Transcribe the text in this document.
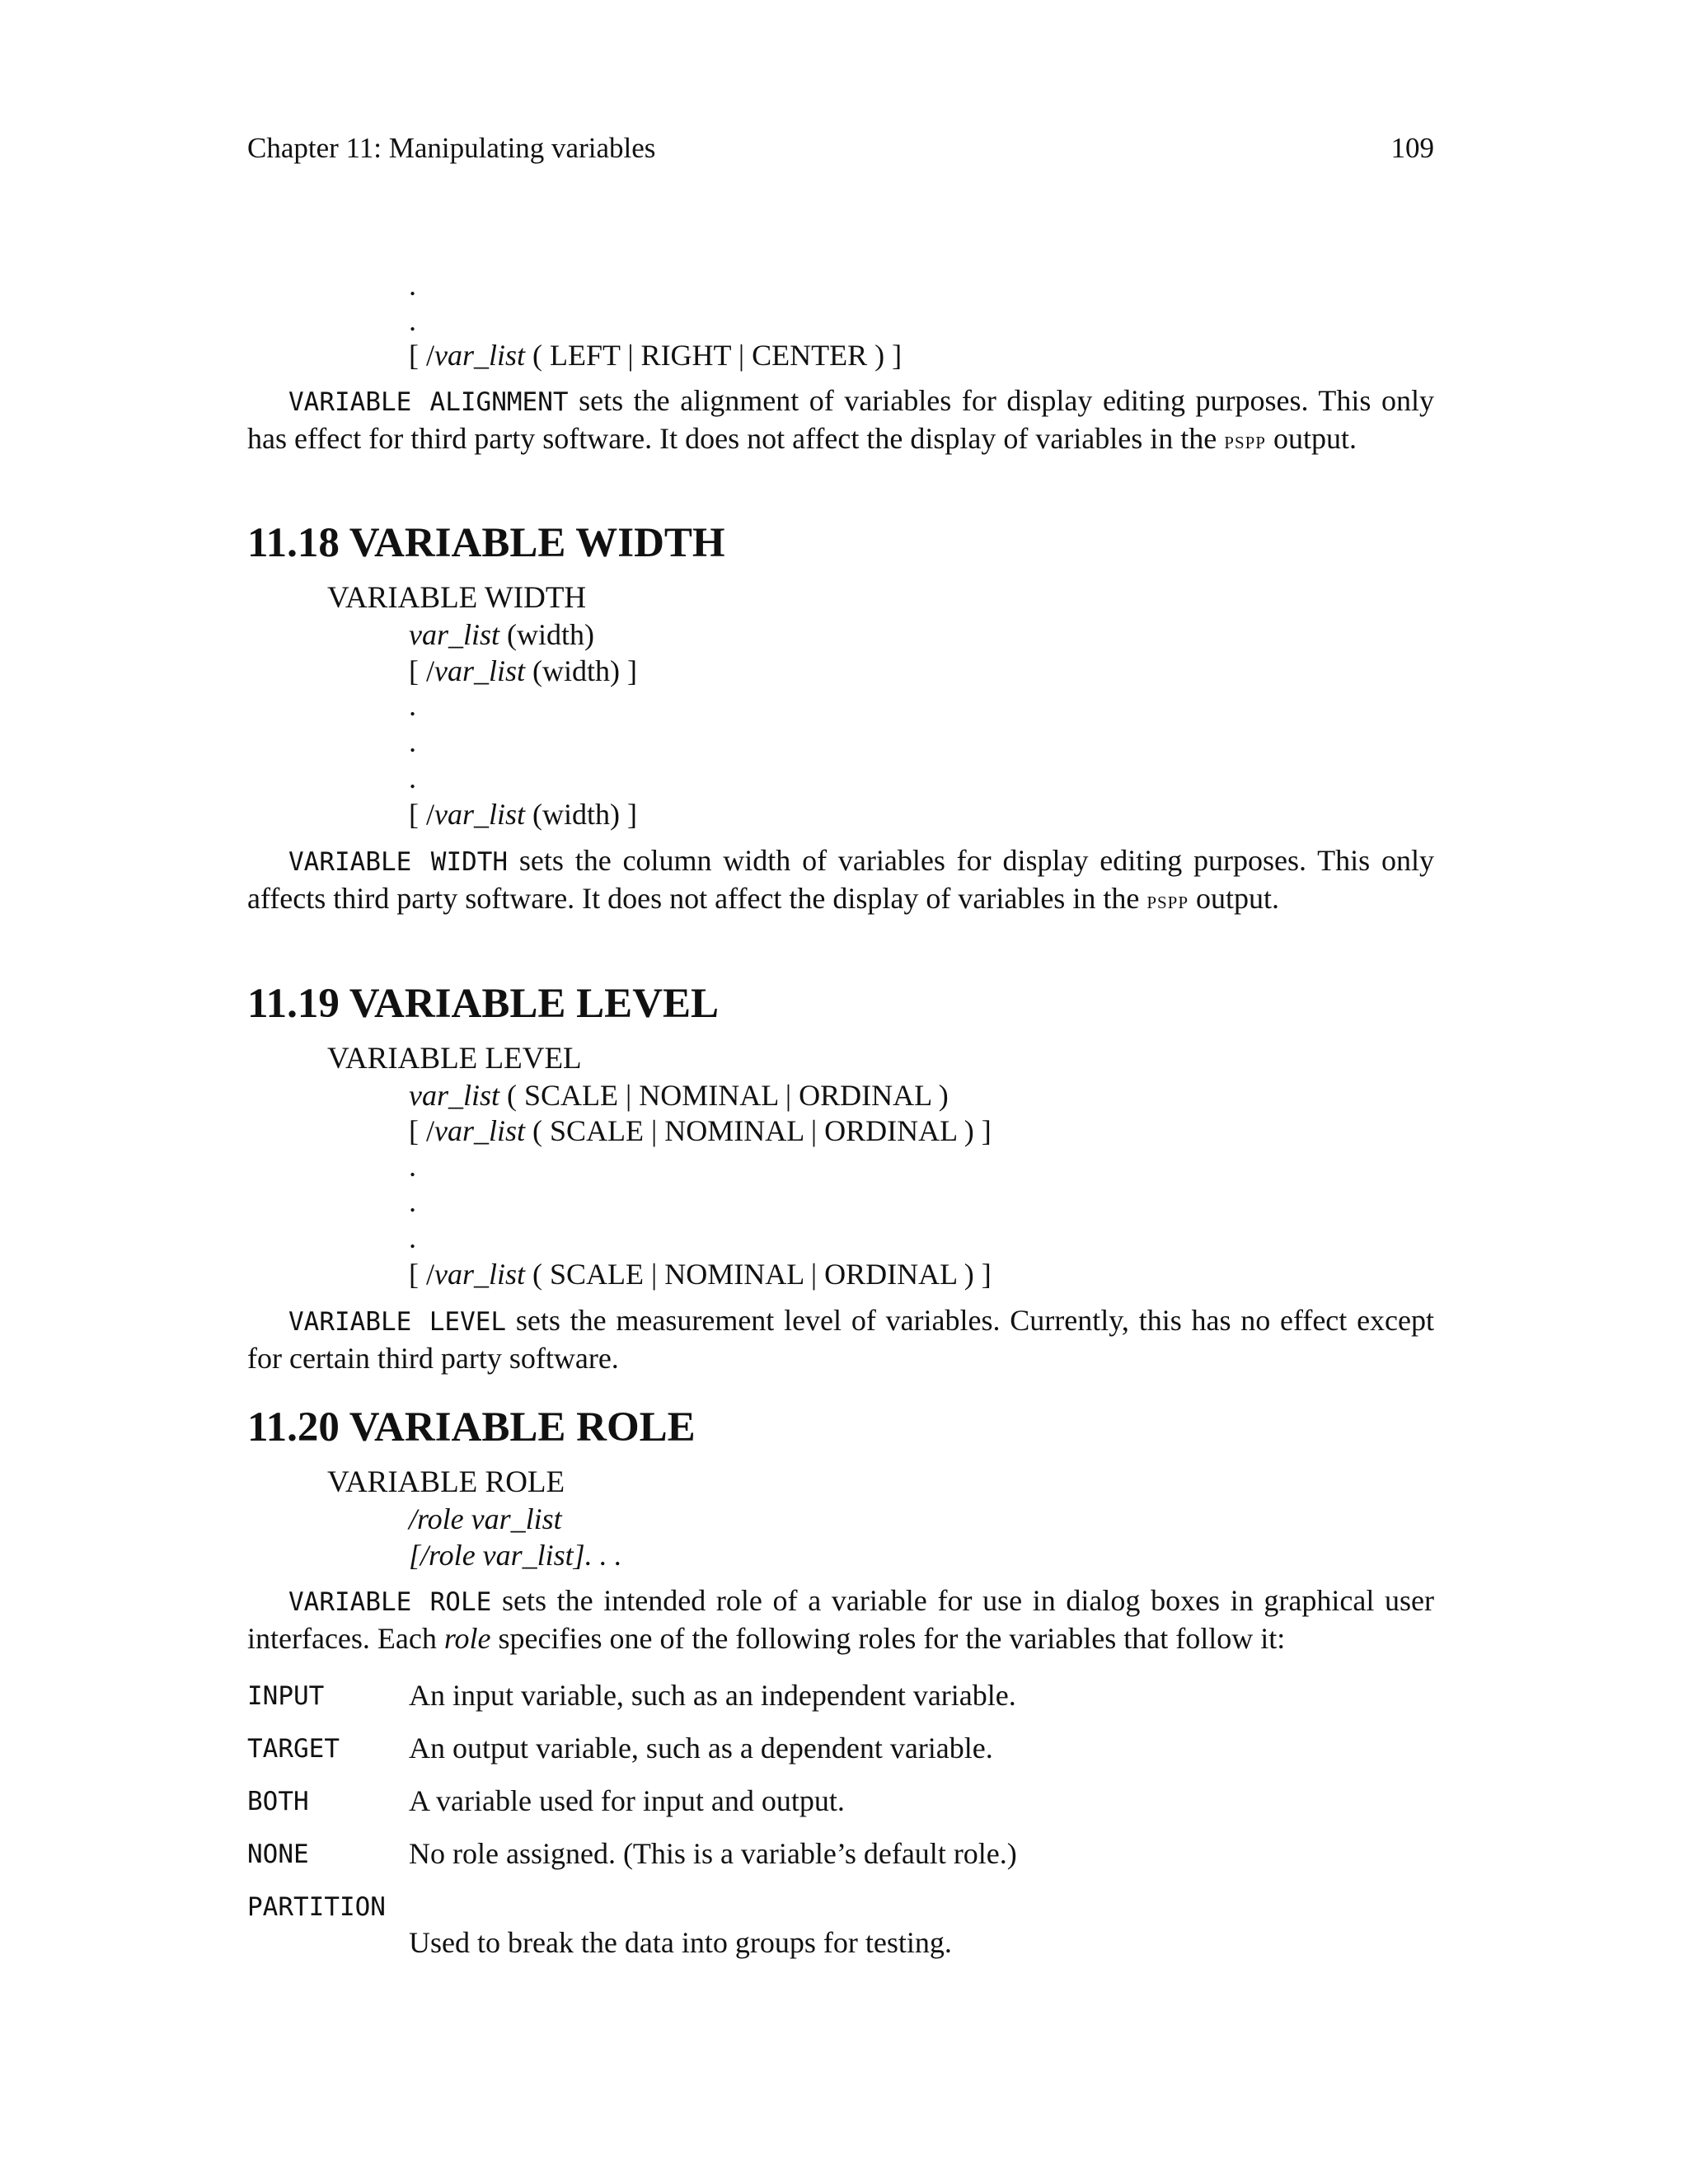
Chapter 11: Manipulating variables	109
.
.
[ /var_list ( LEFT | RIGHT | CENTER ) ]

VARIABLE ALIGNMENT sets the alignment of variables for display editing purposes. This only has effect for third party software. It does not affect the display of variables in the pspp output.

11.18 VARIABLE WIDTH
VARIABLE WIDTH
var_list (width)
[ /var_list (width) ]
.
.
.
[ /var_list (width) ]

VARIABLE WIDTH sets the column width of variables for display editing purposes. This only affects third party software. It does not affect the display of variables in the pspp output.

11.19 VARIABLE LEVEL
VARIABLE LEVEL
var_list ( SCALE | NOMINAL | ORDINAL )
[ /var_list ( SCALE | NOMINAL | ORDINAL ) ]
.
.
.
[ /var_list ( SCALE | NOMINAL | ORDINAL ) ]

VARIABLE LEVEL sets the measurement level of variables. Currently, this has no effect except for certain third party software.

11.20 VARIABLE ROLE
VARIABLE ROLE
/role var_list
[/role var_list]. . .

VARIABLE ROLE sets the intended role of a variable for use in dialog boxes in graphical user interfaces. Each role specifies one of the following roles for the variables that follow it:

INPUT	An input variable, such as an independent variable.
TARGET An output variable, such as a dependent variable.
BOTH	A variable used for input and output.
NONE	No role assigned. (This is a variable’s default role.)
PARTITION
Used to break the data into groups for testing.
